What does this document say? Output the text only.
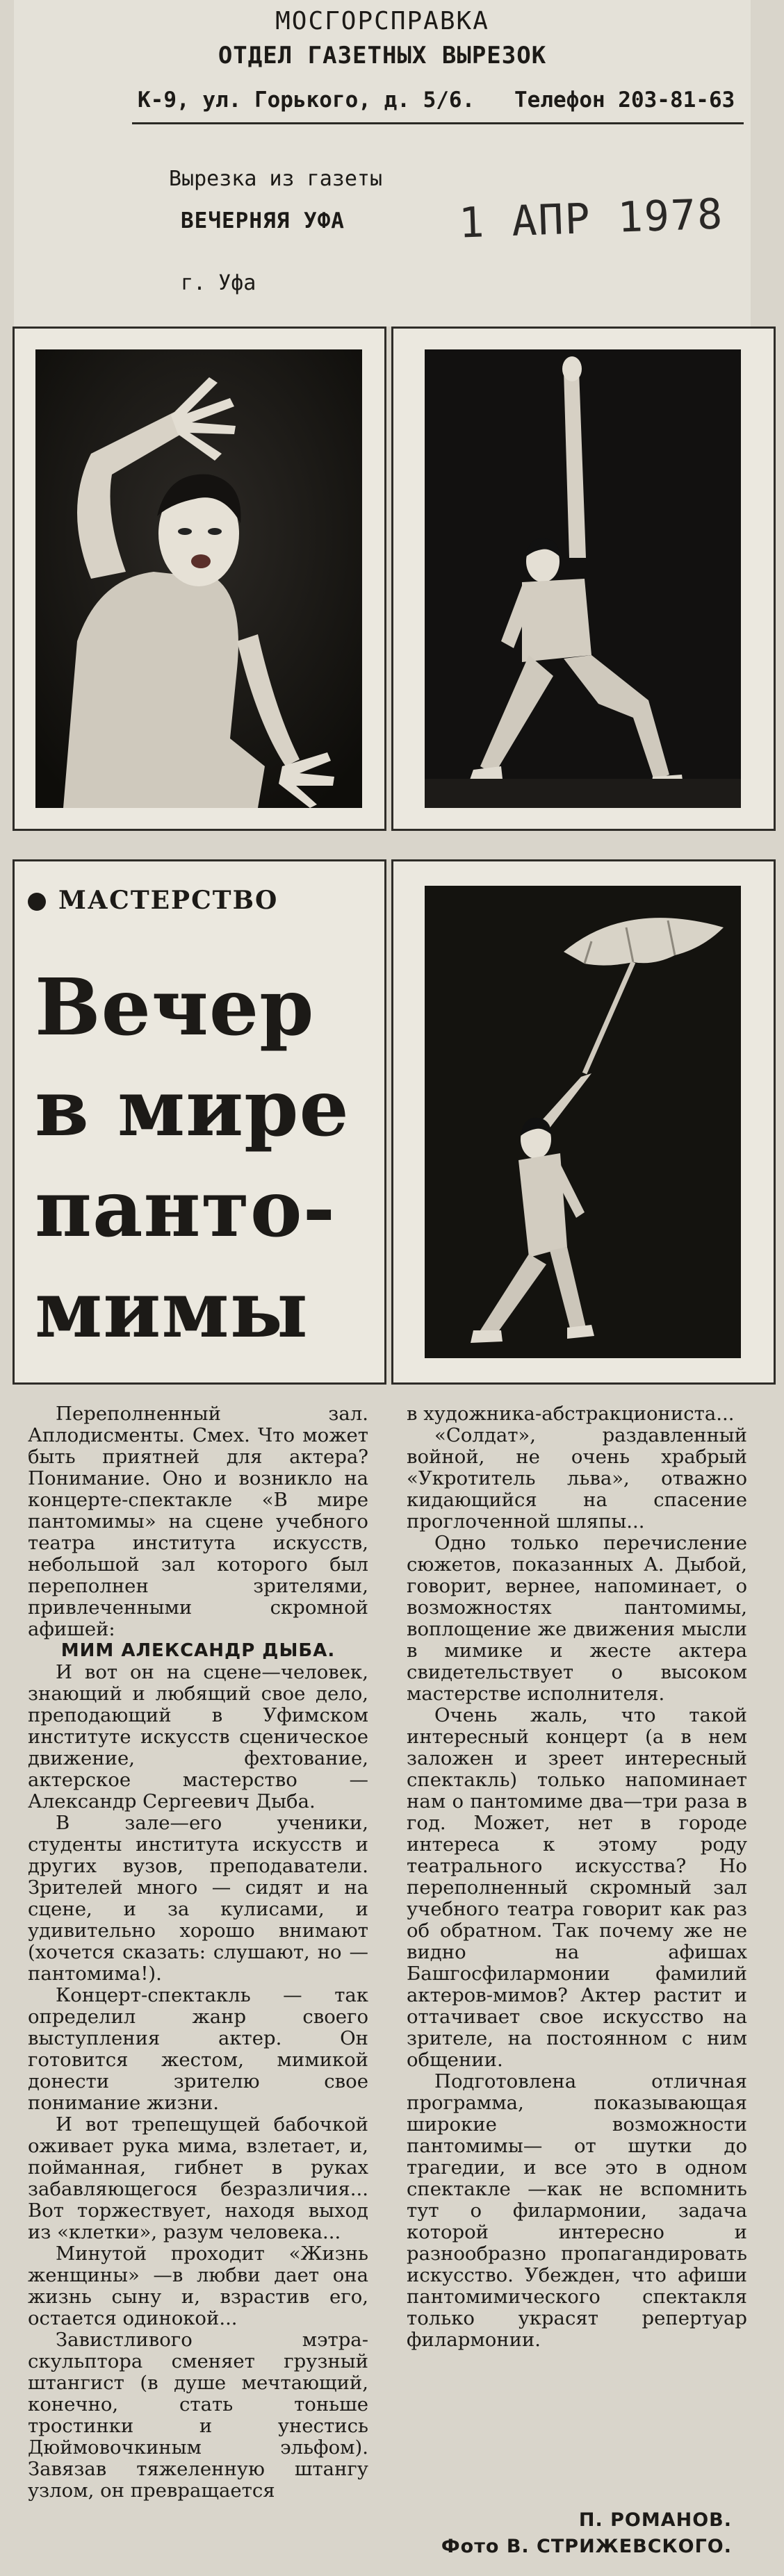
МОСГОРСПРАВКА
ОТДЕЛ ГАЗЕТНЫХ ВЫРЕЗОК
К-9, ул. Горького, д. 5/6. Телефон 203-81-63
Вырезка из газеты
ВЕЧЕРНЯЯ УФА	1 АПР 1978
г. Уфа
МАСТЕРСТВО
Вечер
в мире
панто-
мимы

Переполненный зал. Аплодисменты. Смех. Что может быть приятней для актера? Понимание. Оно и возникло на концерте-спектакле «В мире пантомимы» на сцене учебного театра института искусств, небольшой зал которого был переполнен зрителями, привлеченными скромной афишей:

МИМ АЛЕКСАНДР ДЫБА.

И вот он на сцене—человек, знающий и любящий свое дело, преподающий в Уфимском институте искусств сценическое движение, фехтование, актерское мастерство — Александр Сергеевич Дыба.

В зале—его ученики, студенты института искусств и других вузов, преподаватели. Зрителей много — сидят и на сцене, и за кулисами, и удивительно хорошо внимают (хочется сказать: слушают, но — пантомима!).

Концерт-спектакль — так определил жанр своего выступления актер. Он готовится жестом, мимикой донести зрителю свое понимание жизни.

И вот трепещущей бабочкой оживает рука мима, взлетает, и, пойманная, гибнет в руках забавляющегося безразличия... Вот торжествует, находя выход из «клетки», разум человека...

Минутой проходит «Жизнь женщины» —в любви дает она жизнь сыну и, взрастив его, остается одинокой...

Завистливого мэтра-скульптора сменяет грузный штангист (в душе мечтающий, конечно, стать тоньше тростинки и унестись Дюймовочкиным эльфом). Завязав тяжеленную штангу узлом, он превращается

в художника-абстракциониста...

«Солдат», раздавленный войной, не очень храбрый «Укротитель льва», отважно кидающийся на спасение проглоченной шляпы...

Одно только перечисление сюжетов, показанных А. Дыбой, говорит, вернее, напоминает, о возможностях пантомимы, воплощение же движения мысли в мимике и жесте актера свидетельствует о высоком мастерстве исполнителя.

Очень жаль, что такой интересный концерт (а в нем заложен и зреет интересный спектакль) только напоминает нам о пантомиме два—три раза в год. Может, нет в городе интереса к этому роду театрального искусства? Но переполненный скромный зал учебного театра говорит как раз об обратном. Так почему же не видно на афишах Башгосфилармонии фамилий актеров-мимов? Актер растит и оттачивает свое искусство на зрителе, на постоянном с ним общении.

Подготовлена отличная программа, показывающая широкие возможности пантомимы— от шутки до трагедии, и все это в одном спектакле —как не вспомнить тут о филармонии, задача которой интересно и разнообразно пропагандировать искусство. Убежден, что афиши пантомимического спектакля только украсят репертуар филармонии.

П. РОМАНОВ.
Фото В. СТРИЖЕВСКОГО.
